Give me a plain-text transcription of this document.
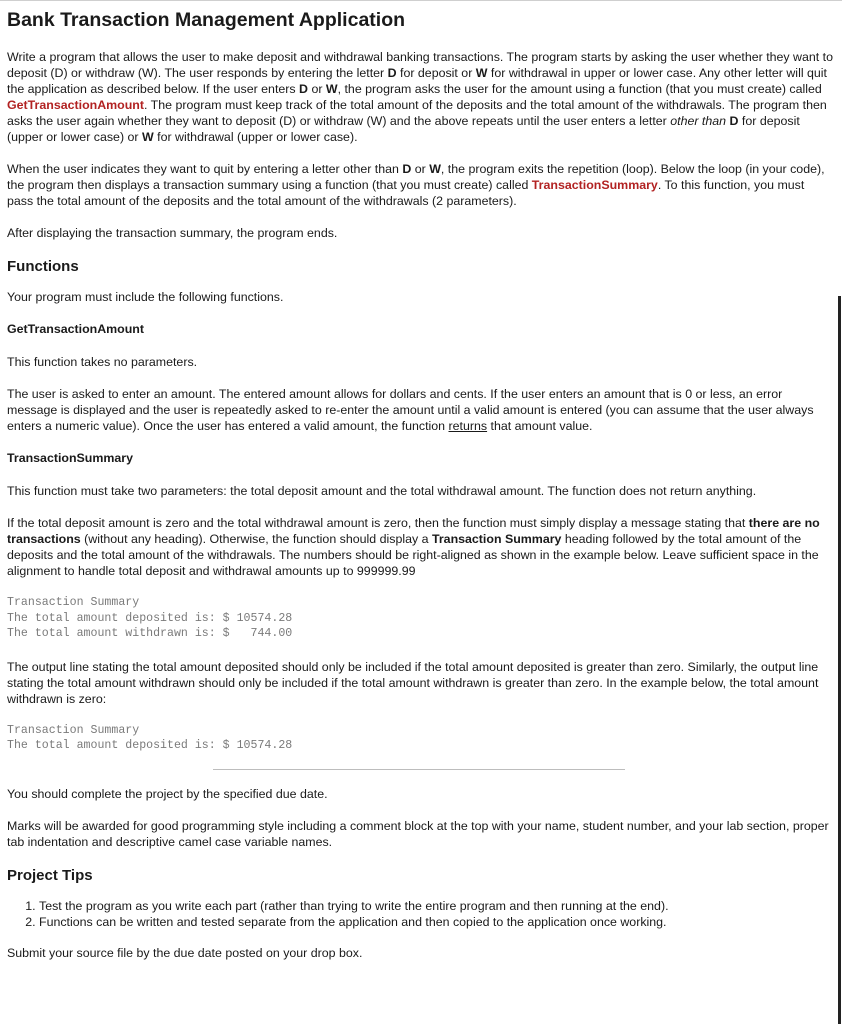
Bank Transaction Management Application

Write a program that allows the user to make deposit and withdrawal banking transactions. The program starts by asking the user whether they want to deposit (D) or withdraw (W). The user responds by entering the letter D for deposit or W for withdrawal in upper or lower case. Any other letter will quit the application as described below. If the user enters D or W, the program asks the user for the amount using a function (that you must create) called GetTransactionAmount. The program must keep track of the total amount of the deposits and the total amount of the withdrawals. The program then asks the user again whether they want to deposit (D) or withdraw (W) and the above repeats until the user enters a letter other than D for deposit (upper or lower case) or W for withdrawal (upper or lower case).

When the user indicates they want to quit by entering a letter other than D or W, the program exits the repetition (loop). Below the loop (in your code), the program then displays a transaction summary using a function (that you must create) called TransactionSummary. To this function, you must pass the total amount of the deposits and the total amount of the withdrawals (2 parameters).

After displaying the transaction summary, the program ends.

Functions

Your program must include the following functions.

GetTransactionAmount

This function takes no parameters.

The user is asked to enter an amount. The entered amount allows for dollars and cents. If the user enters an amount that is 0 or less, an error message is displayed and the user is repeatedly asked to re-enter the amount until a valid amount is entered (you can assume that the user always enters a numeric value). Once the user has entered a valid amount, the function returns that amount value.

TransactionSummary

This function must take two parameters: the total deposit amount and the total withdrawal amount. The function does not return anything.

If the total deposit amount is zero and the total withdrawal amount is zero, then the function must simply display a message stating that there are no transactions (without any heading). Otherwise, the function should display a Transaction Summary heading followed by the total amount of the deposits and the total amount of the withdrawals. The numbers should be right-aligned as shown in the example below. Leave sufficient space in the alignment to handle total deposit and withdrawal amounts up to 999999.99

Transaction Summary
The total amount deposited is: $ 10574.28
The total amount withdrawn is: $   744.00

The output line stating the total amount deposited should only be included if the total amount deposited is greater than zero. Similarly, the output line stating the total amount withdrawn should only be included if the total amount withdrawn is greater than zero. In the example below, the total amount withdrawn is zero:

Transaction Summary
The total amount deposited is: $ 10574.28

You should complete the project by the specified due date.

Marks will be awarded for good programming style including a comment block at the top with your name, student number, and your lab section, proper tab indentation and descriptive camel case variable names.

Project Tips
1. Test the program as you write each part (rather than trying to write the entire program and then running at the end).
2. Functions can be written and tested separate from the application and then copied to the application once working.

Submit your source file by the due date posted on your drop box.
